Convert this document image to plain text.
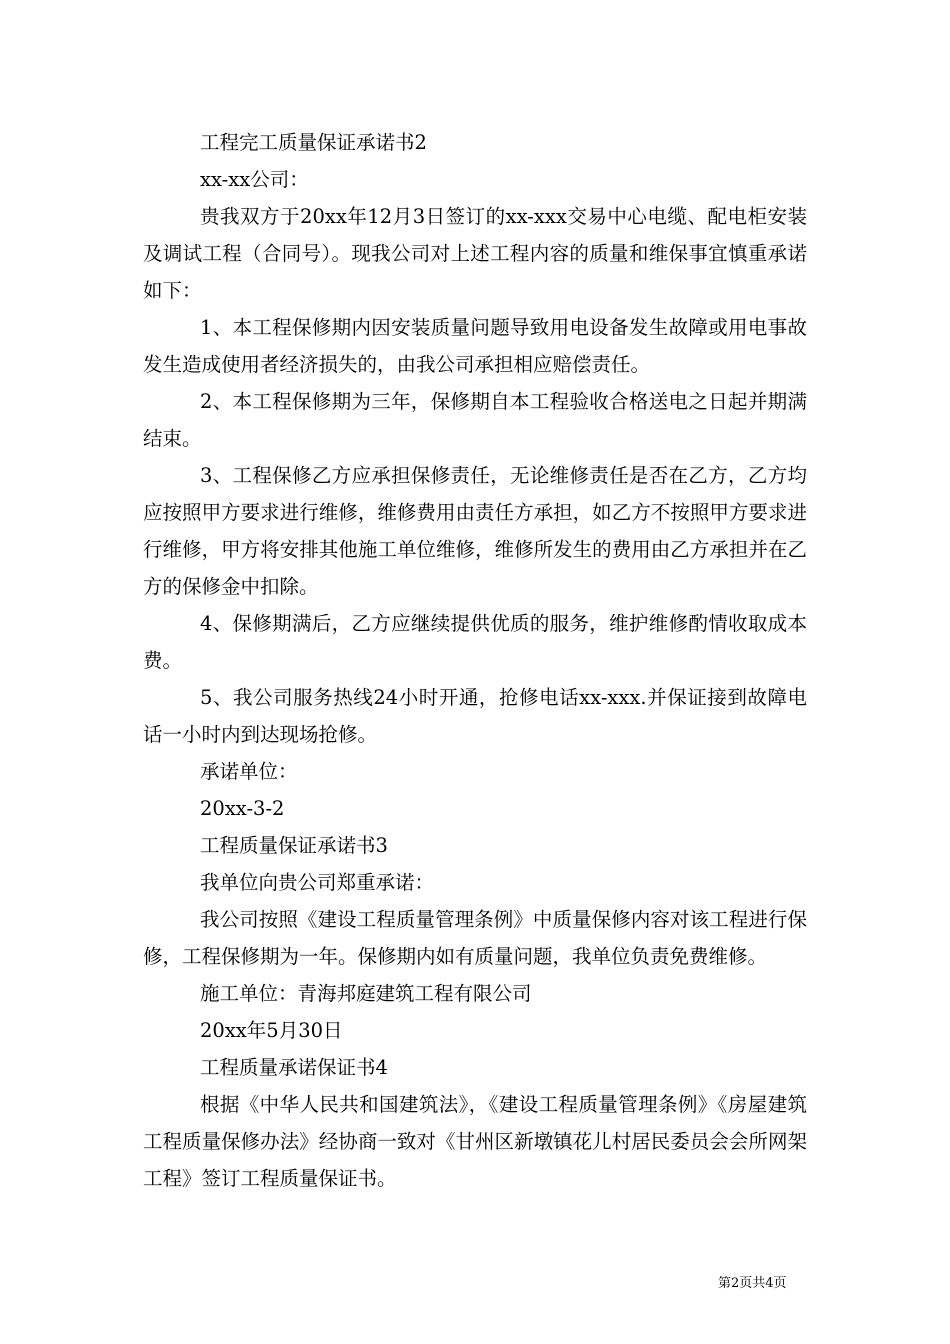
工程完工质量保证承诺书2

xx-xx公司：

贵我双方于20xx年12月3日签订的xx-xxx交易中心电缆、配电柜安装及调试工程（合同号）。现我公司对上述工程内容的质量和维保事宜慎重承诺如下：

1、本工程保修期内因安装质量问题导致用电设备发生故障或用电事故发生造成使用者经济损失的，由我公司承担相应赔偿责任。

2、本工程保修期为三年，保修期自本工程验收合格送电之日起并期满结束。

3、工程保修乙方应承担保修责任，无论维修责任是否在乙方，乙方均应按照甲方要求进行维修，维修费用由责任方承担，如乙方不按照甲方要求进行维修，甲方将安排其他施工单位维修，维修所发生的费用由乙方承担并在乙方的保修金中扣除。

4、保修期满后，乙方应继续提供优质的服务，维护维修酌情收取成本费。

5、我公司服务热线24小时开通，抢修电话xx-xxx.并保证接到故障电话一小时内到达现场抢修。

承诺单位：

20xx-3-2

工程质量保证承诺书3

我单位向贵公司郑重承诺：

我公司按照《建设工程质量管理条例》中质量保修内容对该工程进行保修，工程保修期为一年。保修期内如有质量问题，我单位负责免费维修。

施工单位：青海邦庭建筑工程有限公司

20xx年5月30日

工程质量承诺保证书4

根据《中华人民共和国建筑法》，《建设工程质量管理条例》《房屋建筑工程质量保修办法》经协商一致对《甘州区新墩镇花儿村居民委员会会所网架工程》签订工程质量保证书。

第2页共4页
